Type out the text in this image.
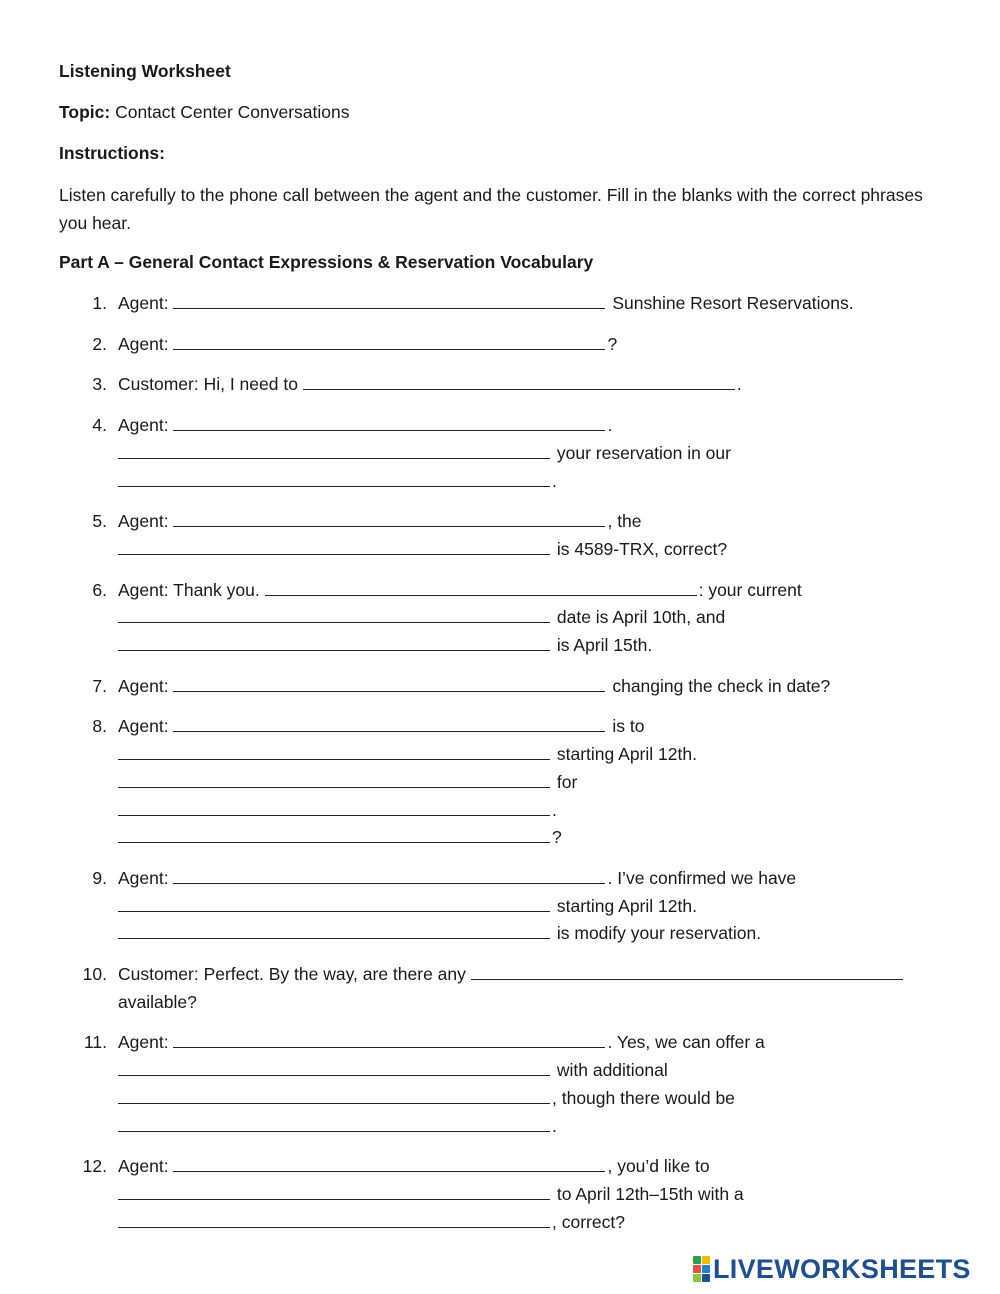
Listening Worksheet

Topic: Contact Center Conversations

Instructions:

Listen carefully to the phone call between the agent and the customer. Fill in the blanks with the correct phrases you hear.

Part A – General Contact Expressions & Reservation Vocabulary

1. Agent:	Sunshine Resort Reservations.
2. Agent:	?
3. Customer: Hi, I need to	.
4. Agent:	.
your reservation in our
.
5. Agent:	, the
is 4589-TRX, correct?
6. Agent: Thank you.	: your current
date is April 10th, and
is April 15th.
7. Agent:	changing the check in date?
8. Agent:	is to
starting April 12th.
for
.
?
9. Agent:	. I’ve confirmed we have
starting April 12th.
is modify your reservation.
10. Customer: Perfect. By the way, are there any
available?
11. Agent:	. Yes, we can offer a
with additional
, though there would be
.
12. Agent:	, you’d like to
to April 12th–15th with a
, correct?
LIVEWORKSHEETS
